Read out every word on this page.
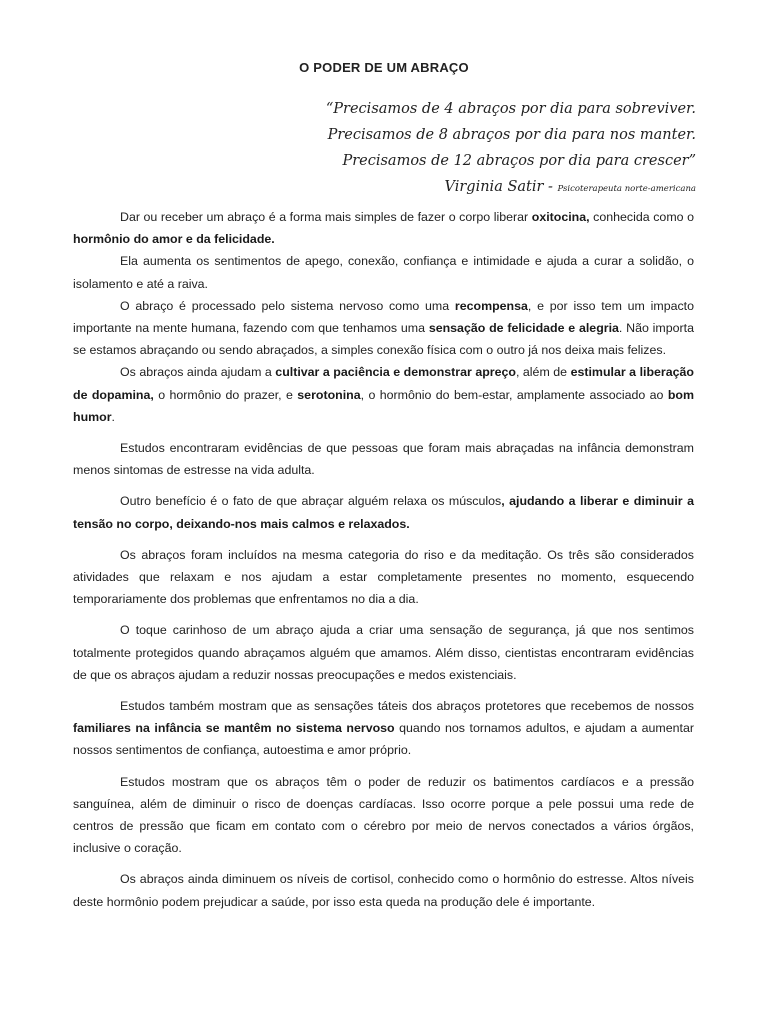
O PODER DE UM ABRAÇO
“Precisamos de 4 abraços por dia para sobreviver.
Precisamos de 8 abraços por dia para nos manter.
Precisamos de 12 abraços por dia para crescer”
Virginia Satir - Psicoterapeuta norte-americana

Dar ou receber um abraço é a forma mais simples de fazer o corpo liberar oxitocina, conhecida como o hormônio do amor e da felicidade.

Ela aumenta os sentimentos de apego, conexão, confiança e intimidade e ajuda a curar a solidão, o isolamento e até a raiva.

O abraço é processado pelo sistema nervoso como uma recompensa, e por isso tem um impacto importante na mente humana, fazendo com que tenhamos uma sensação de felicidade e alegria. Não importa se estamos abraçando ou sendo abraçados, a simples conexão física com o outro já nos deixa mais felizes.

Os abraços ainda ajudam a cultivar a paciência e demonstrar apreço, além de estimular a liberação de dopamina, o hormônio do prazer, e serotonina, o hormônio do bem-estar, amplamente associado ao bom humor.

Estudos encontraram evidências de que pessoas que foram mais abraçadas na infância demonstram menos sintomas de estresse na vida adulta.

Outro benefício é o fato de que abraçar alguém relaxa os músculos, ajudando a liberar e diminuir a tensão no corpo, deixando-nos mais calmos e relaxados.

Os abraços foram incluídos na mesma categoria do riso e da meditação. Os três são considerados atividades que relaxam e nos ajudam a estar completamente presentes no momento, esquecendo temporariamente dos problemas que enfrentamos no dia a dia.

O toque carinhoso de um abraço ajuda a criar uma sensação de segurança, já que nos sentimos totalmente protegidos quando abraçamos alguém que amamos. Além disso, cientistas encontraram evidências de que os abraços ajudam a reduzir nossas preocupações e medos existenciais.

Estudos também mostram que as sensações táteis dos abraços protetores que recebemos de nossos familiares na infância se mantêm no sistema nervoso quando nos tornamos adultos, e ajudam a aumentar nossos sentimentos de confiança, autoestima e amor próprio.

Estudos mostram que os abraços têm o poder de reduzir os batimentos cardíacos e a pressão sanguínea, além de diminuir o risco de doenças cardíacas. Isso ocorre porque a pele possui uma rede de centros de pressão que ficam em contato com o cérebro por meio de nervos conectados a vários órgãos, inclusive o coração.

Os abraços ainda diminuem os níveis de cortisol, conhecido como o hormônio do estresse. Altos níveis deste hormônio podem prejudicar a saúde, por isso esta queda na produção dele é importante.
